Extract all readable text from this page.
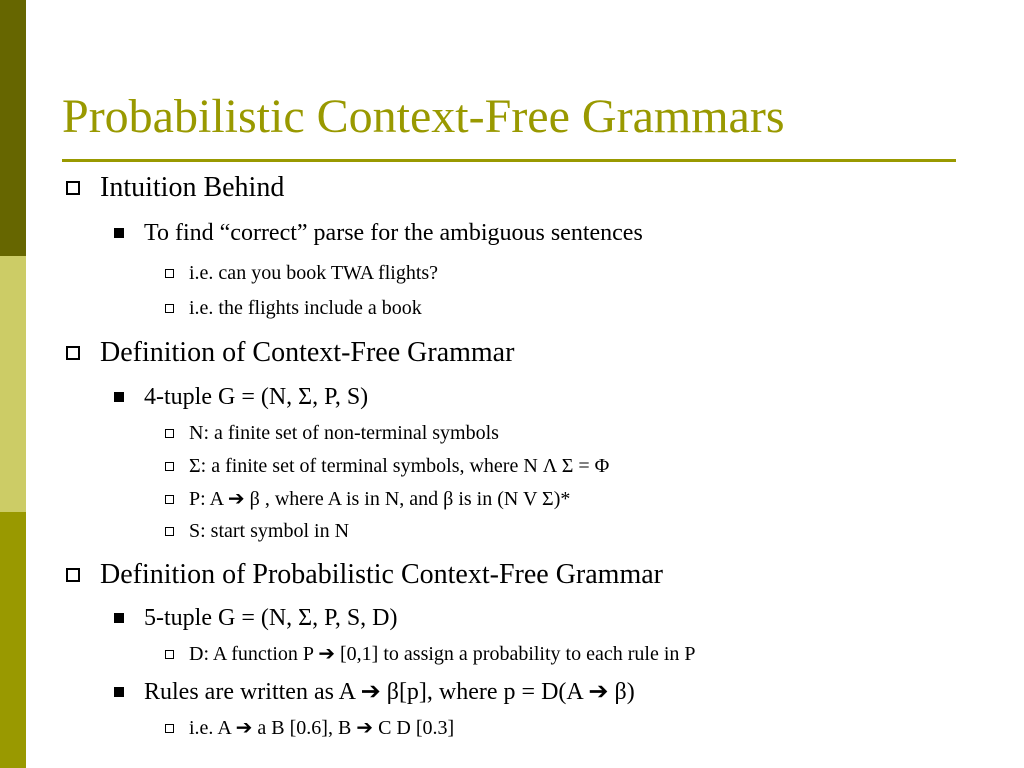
Probabilistic Context-Free Grammars
Intuition Behind
To find “correct” parse for the ambiguous sentences
i.e. can you book TWA flights?
i.e. the flights include a book
Definition of Context-Free Grammar
4-tuple G = (N, Σ, P, S)
N: a finite set of non-terminal symbols
Σ: a finite set of terminal symbols, where N Λ Σ = Φ
P: A ➔ β , where A is in N, and β is in (N V Σ)*
S: start symbol in N
Definition of Probabilistic Context-Free Grammar
5-tuple G = (N, Σ, P, S, D)
D: A function P ➔ [0,1] to assign a probability to each rule in P
Rules are written as A ➔ β[p], where p = D(A ➔ β)
i.e. A ➔ a B [0.6], B ➔ C D [0.3]
